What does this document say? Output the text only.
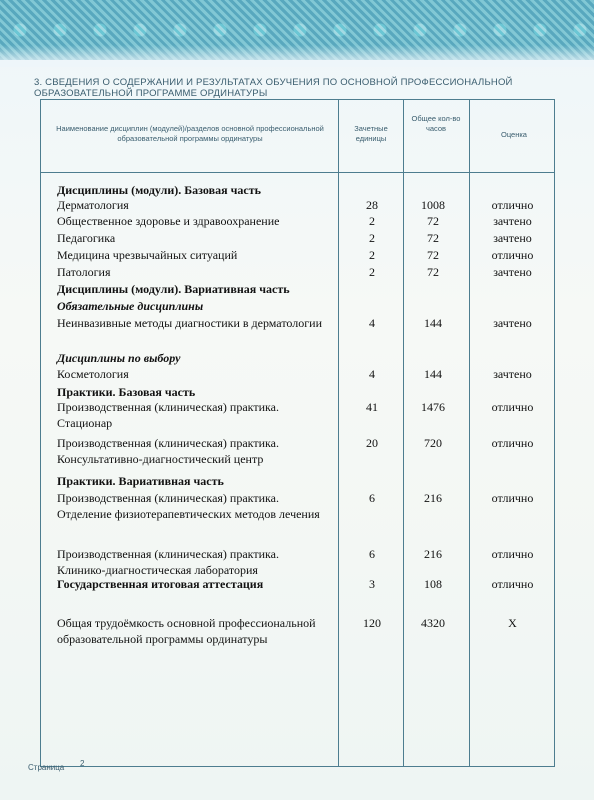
3. СВЕДЕНИЯ О СОДЕРЖАНИИ И РЕЗУЛЬТАТАХ ОБУЧЕНИЯ ПО ОСНОВНОЙ ПРОФЕССИОНАЛЬНОЙ ОБРАЗОВАТЕЛЬНОЙ ПРОГРАММЕ ОРДИНАТУРЫ
Наименование дисциплин (модулей)/разделов основной профессиональной образовательной программы ординатуры
Зачетные единицы
Общее кол-во часов
Оценка
Дисциплины (модули). Базовая часть
Дерматология	28	1008	отлично
Общественное здоровье и здравоохранение	2	72	зачтено
Педагогика	2	72	зачтено
Медицина чрезвычайных ситуаций	2	72	отлично
Патология	2	72	зачтено
Дисциплины (модули). Вариативная часть
Обязательные дисциплины
Неинвазивные методы диагностики в дерматологии	4	144	зачтено
Дисциплины по выбору
Косметология	4	144	зачтено
Практики. Базовая часть
Производственная (клиническая) практика. Стационар
41	1476	отлично
Производственная (клиническая) практика. Консультативно-диагностический центр
20	720	отлично
Практики. Вариативная часть
Производственная (клиническая) практика. Отделение физиотерапевтических методов лечения
6	216	отлично
Производственная (клиническая) практика. Клинико-диагностическая лаборатория
6	216	отлично
Государственная итоговая аттестация	3	108	отлично
Общая трудоёмкость основной профессиональной образовательной программы ординатуры
120	4320	X
Страница 2
